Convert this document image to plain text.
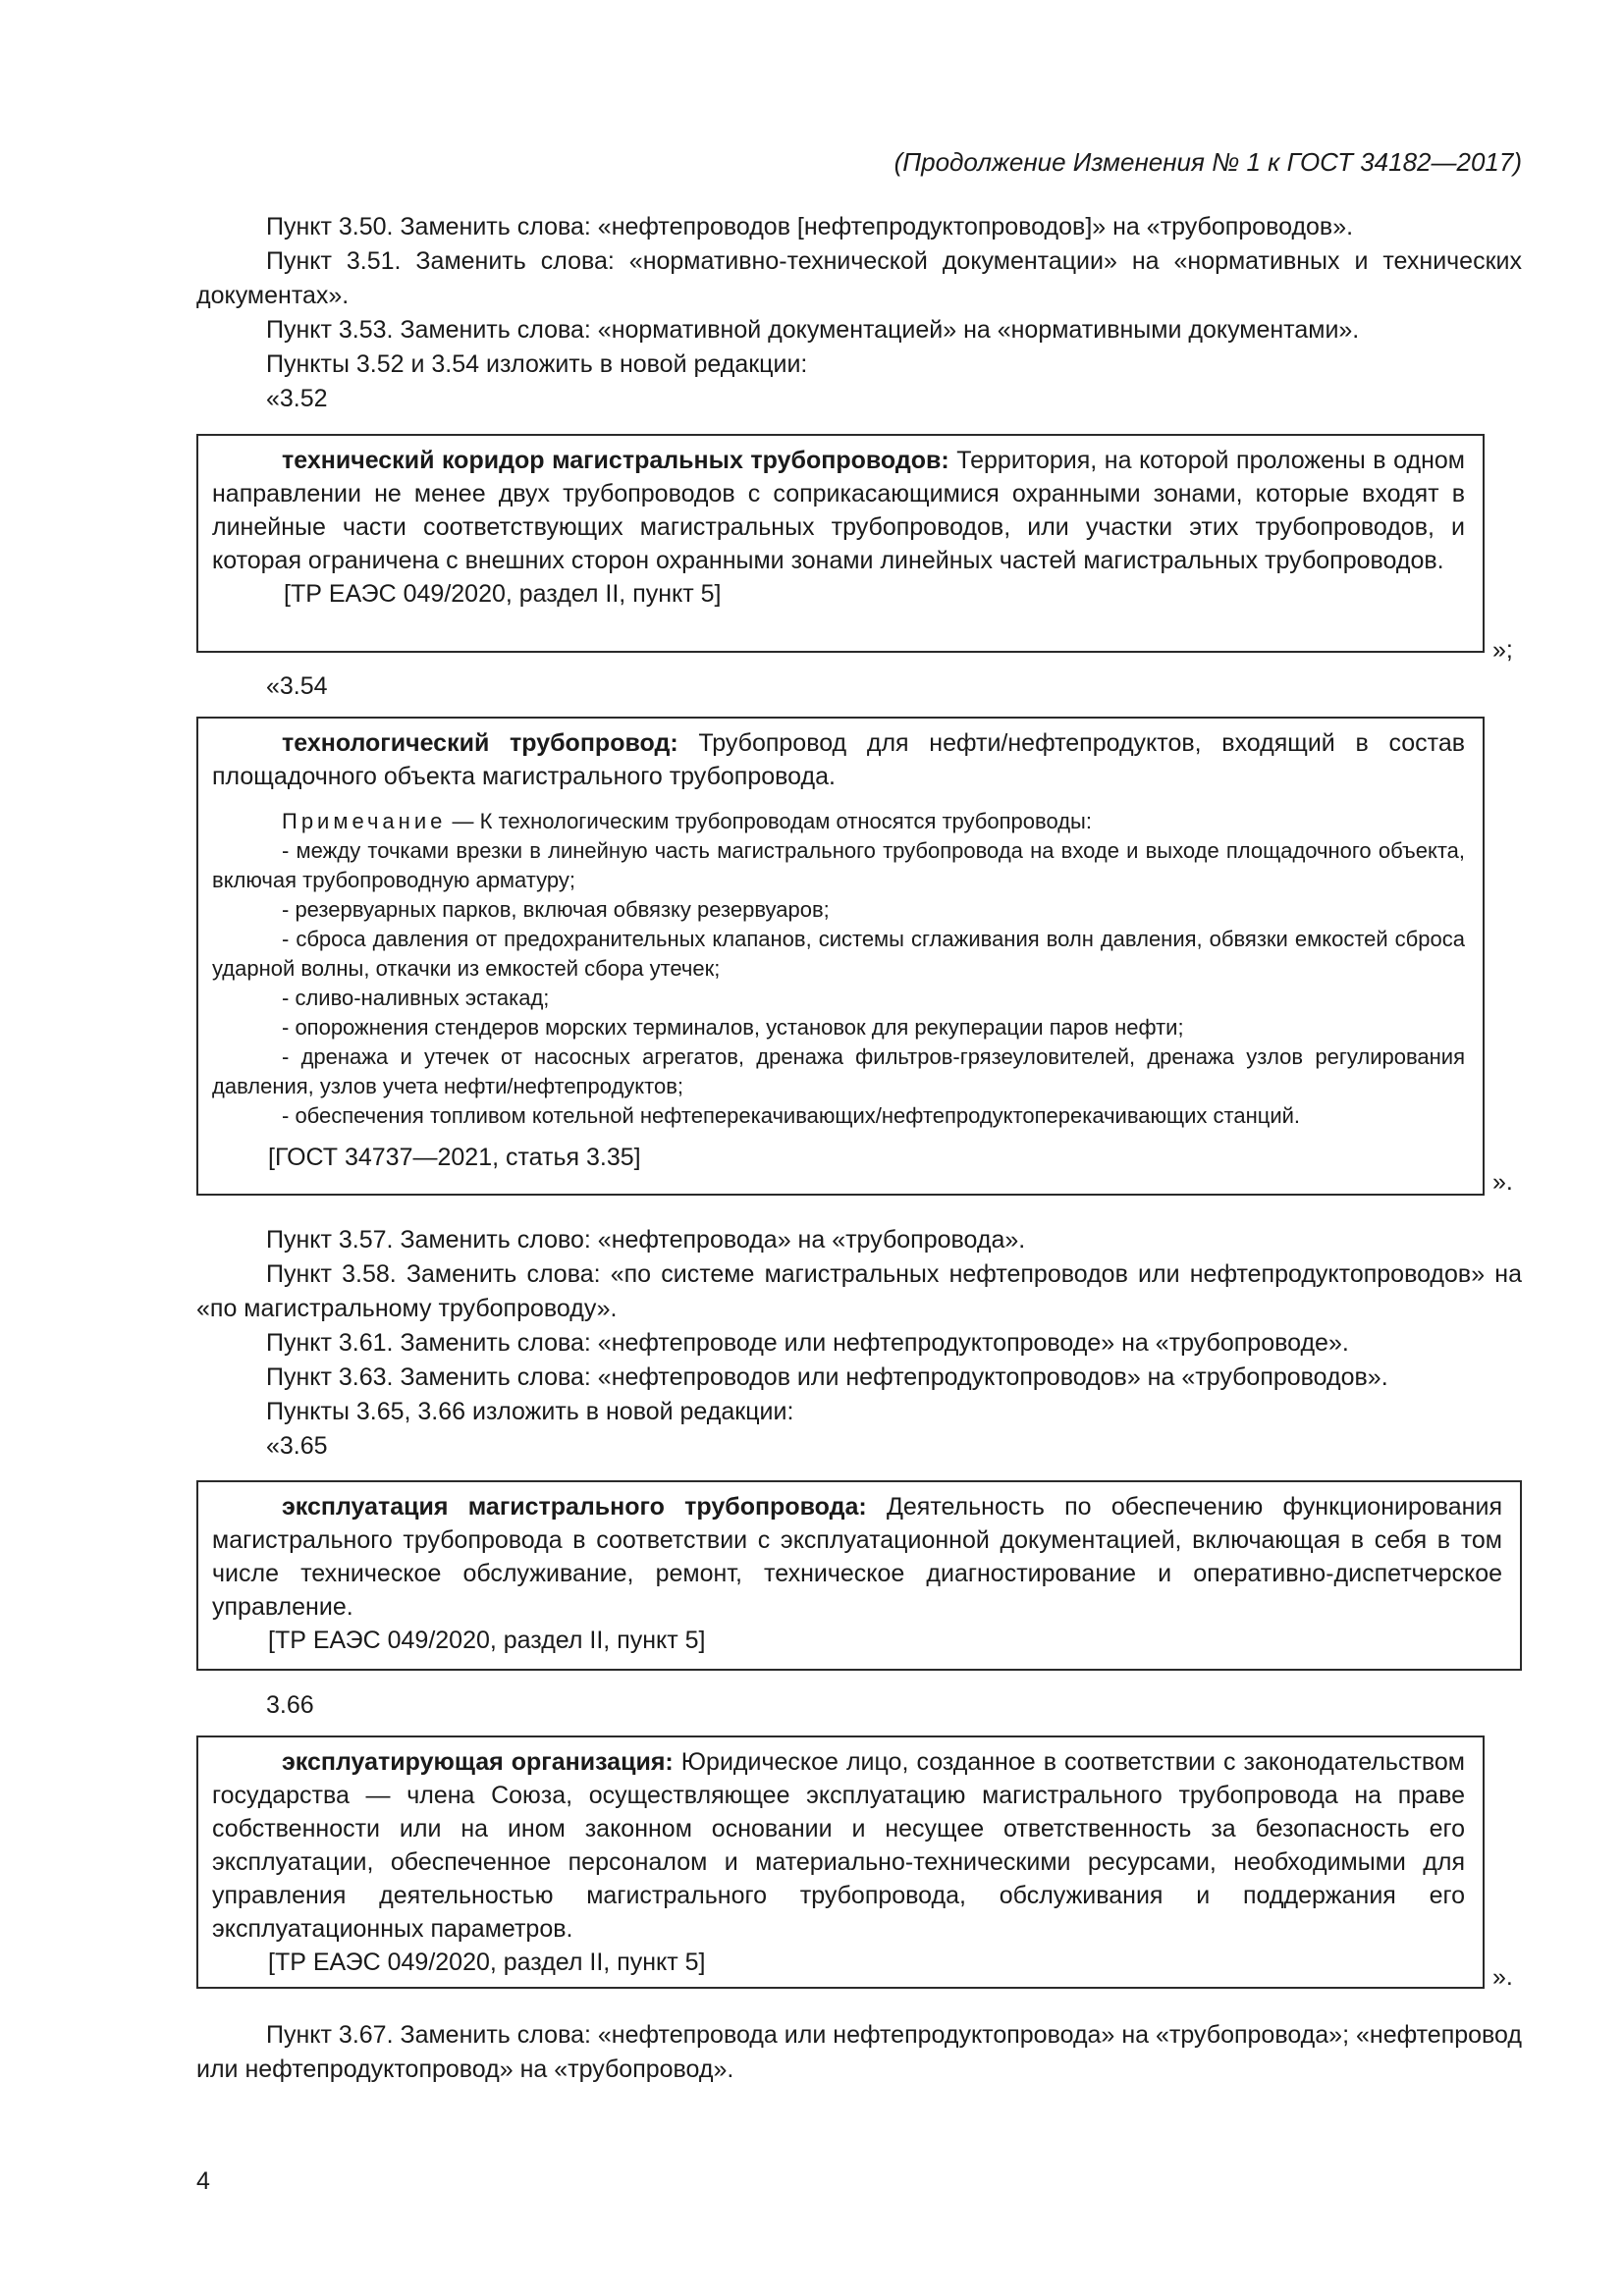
(Продолжение Изменения № 1 к ГОСТ 34182—2017)
Пункт 3.50. Заменить слова: «нефтепроводов [нефтепродуктопроводов]» на «трубопроводов».
Пункт 3.51. Заменить слова: «нормативно-технической документации» на «нормативных и технических документах».
Пункт 3.53. Заменить слова: «нормативной документацией» на «нормативными документами».
Пункты 3.52 и 3.54 изложить в новой редакции:
«3.52
технический коридор магистральных трубопроводов: Территория, на которой проложены в одном направлении не менее двух трубопроводов с соприкасающимися охранными зонами, которые входят в линейные части соответствующих магистральных трубопроводов, или участки этих трубопроводов, и которая ограничена с внешних сторон охранными зонами линейных частей магистральных трубопроводов.
[ТР ЕАЭС 049/2020, раздел II, пункт 5]
»;
«3.54
технологический трубопровод: Трубопровод для нефти/нефтепродуктов, входящий в состав площадочного объекта магистрального трубопровода.
Примечание — К технологическим трубопроводам относятся трубопроводы:
- между точками врезки в линейную часть магистрального трубопровода на входе и выходе площадочного объекта, включая трубопроводную арматуру;
- резервуарных парков, включая обвязку резервуаров;
- сброса давления от предохранительных клапанов, системы сглаживания волн давления, обвязки емкостей сброса ударной волны, откачки из емкостей сбора утечек;
- сливо-наливных эстакад;
- опорожнения стендеров морских терминалов, установок для рекуперации паров нефти;
- дренажа и утечек от насосных агрегатов, дренажа фильтров-грязеуловителей, дренажа узлов регулирования давления, узлов учета нефти/нефтепродуктов;
- обеспечения топливом котельной нефтеперекачивающих/нефтепродуктоперекачивающих станций.
[ГОСТ 34737—2021, статья 3.35]
».
Пункт 3.57. Заменить слово: «нефтепровода» на «трубопровода».
Пункт 3.58. Заменить слова: «по системе магистральных нефтепроводов или нефтепродуктопроводов» на «по магистральному трубопроводу».
Пункт 3.61. Заменить слова: «нефтепроводе или нефтепродуктопроводе» на «трубопроводе».
Пункт 3.63. Заменить слова: «нефтепроводов или нефтепродуктопроводов» на «трубопроводов».
Пункты 3.65, 3.66 изложить в новой редакции:
«3.65
эксплуатация магистрального трубопровода: Деятельность по обеспечению функционирования магистрального трубопровода в соответствии с эксплуатационной документацией, включающая в себя в том числе техническое обслуживание, ремонт, техническое диагностирование и оперативно-диспетчерское управление.
[ТР ЕАЭС 049/2020, раздел II, пункт 5]
3.66
эксплуатирующая организация: Юридическое лицо, созданное в соответствии с законодательством государства — члена Союза, осуществляющее эксплуатацию магистрального трубопровода на праве собственности или на ином законном основании и несущее ответственность за безопасность его эксплуатации, обеспеченное персоналом и материально-техническими ресурсами, необходимыми для управления деятельностью магистрального трубопровода, обслуживания и поддержания его эксплуатационных параметров.
[ТР ЕАЭС 049/2020, раздел II, пункт 5]
».
Пункт 3.67. Заменить слова: «нефтепровода или нефтепродуктопровода» на «трубопровода»; «нефтепровод или нефтепродуктопровод» на «трубопровод».
4
